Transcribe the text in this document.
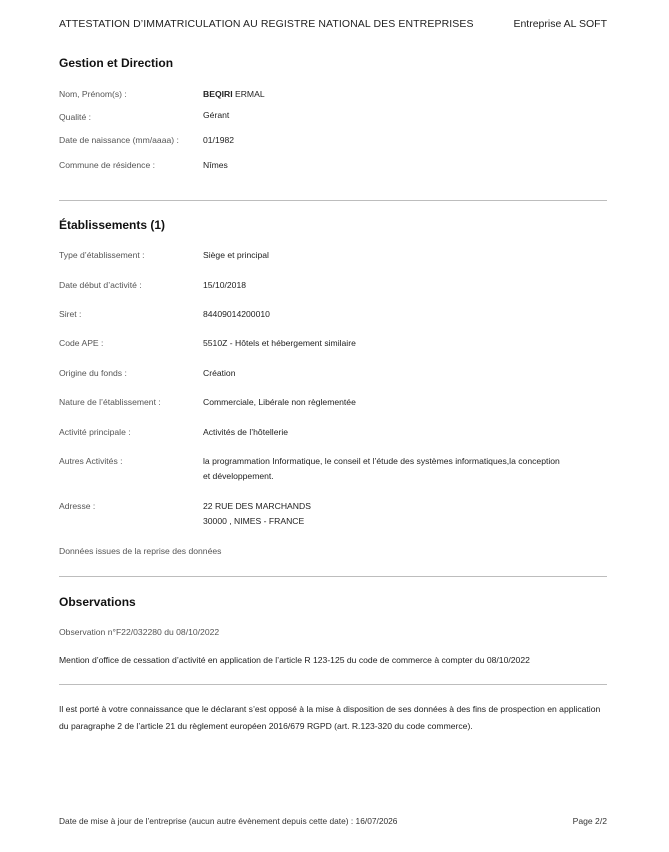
ATTESTATION D’IMMATRICULATION AU REGISTRE NATIONAL DES ENTREPRISES	Entreprise AL SOFT
Gestion et Direction
Nom, Prénom(s) :	BEQIRI ERMAL
Qualité :	Gérant
Date de naissance (mm/aaaa) :	01/1982
Commune de résidence :	Nîmes
Établissements (1)
Type d’établissement :	Siège et principal
Date début d’activité :	15/10/2018
Siret :	84409014200010
Code APE :	5510Z - Hôtels et hébergement similaire
Origine du fonds :	Création
Nature de l’établissement :	Commerciale, Libérale non règlementée
Activité principale :	Activités de l’hôtellerie
Autres Activités :	la programmation Informatique, le conseil et l’étude des systèmes informatiques,la conception et développement.
Adresse :	22 RUE DES MARCHANDS
30000 , NIMES - FRANCE
Données issues de la reprise des données
Observations
Observation n°F22/032280 du 08/10/2022
Mention d’office de cessation d’activité en application de l’article R 123-125 du code de commerce à compter du 08/10/2022
Il est porté à votre connaissance que le déclarant s’est opposé à la mise à disposition de ses données à des fins de prospection en application du paragraphe 2 de l’article 21 du règlement européen 2016/679 RGPD (art. R.123-320 du code commerce).
Date de mise à jour de l’entreprise (aucun autre évènement depuis cette date) : 16/07/2026	Page 2/2
